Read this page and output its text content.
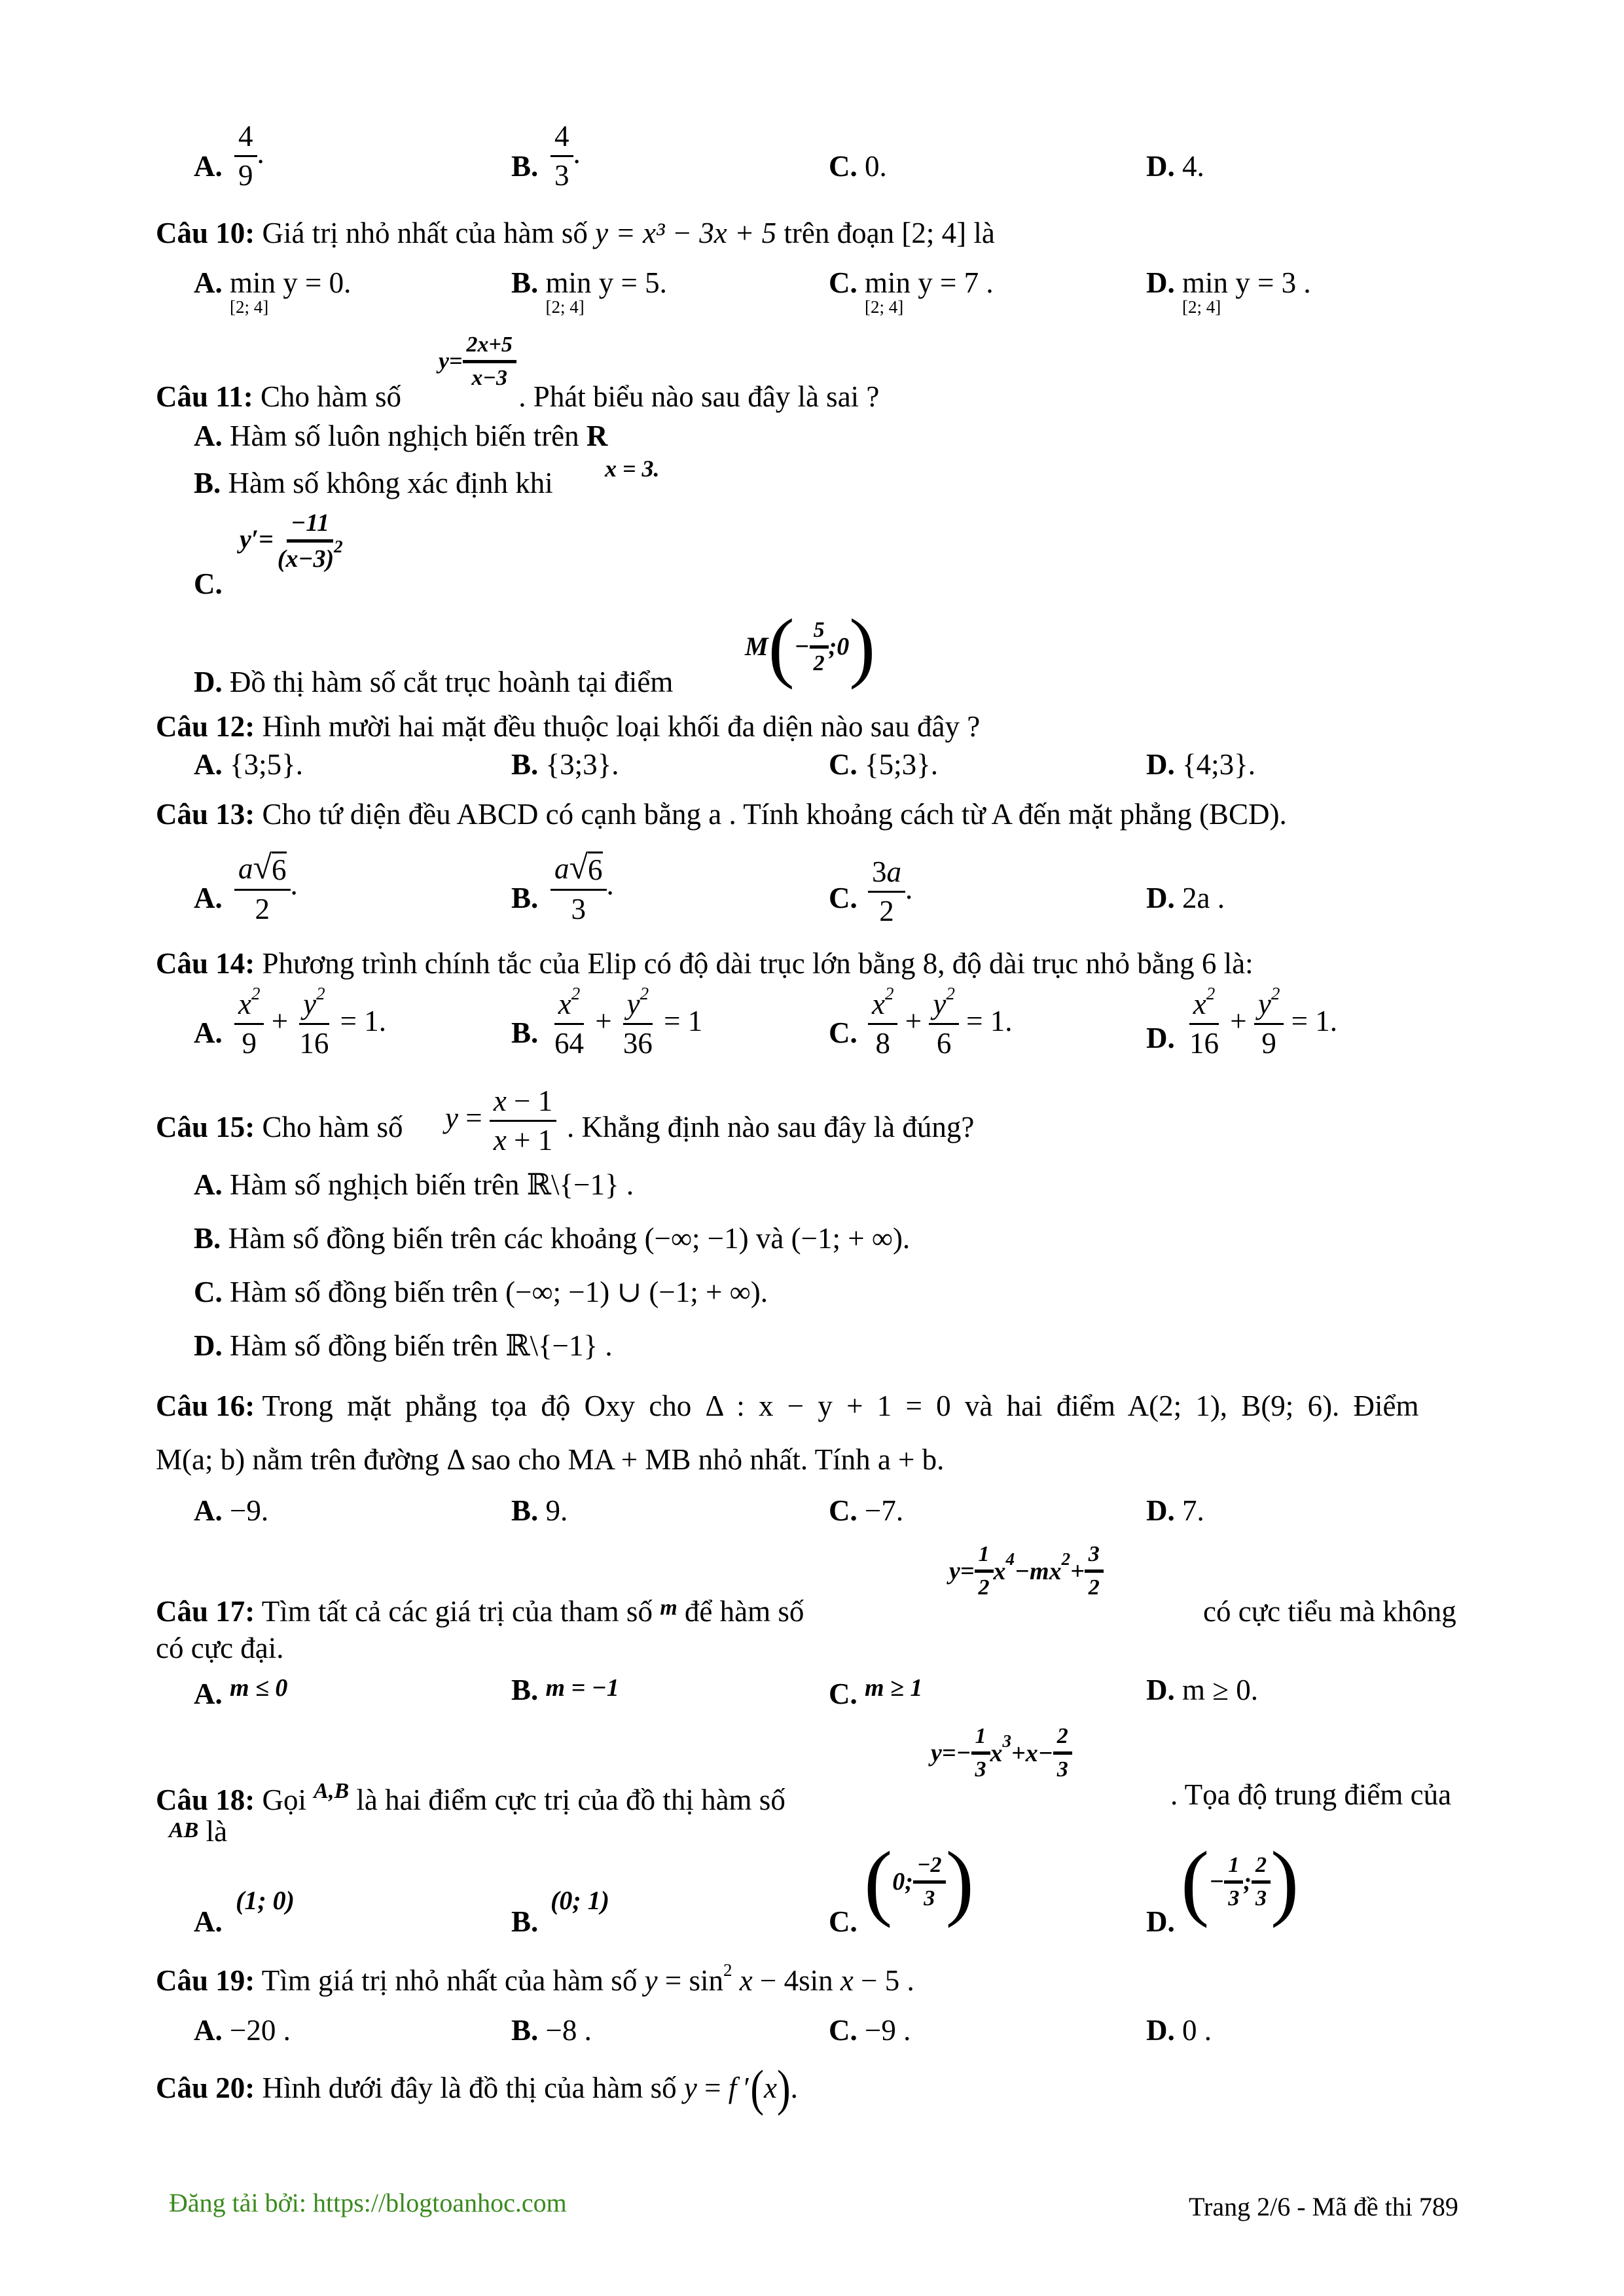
A. $\frac{4}{9}$ .	B. $\frac{4}{3}$ .	C. 0.	D. 4.
Câu 10: Giá trị nhỏ nhất của hàm số y = x³ − 3x + 5 trên đoạn [2; 4] là
A. min y = 0.
[2; 4]
B. min y = 5.
[2; 4]
C. min y = 7 .
[2; 4]
D. min y = 3 .
[2; 4]
$y= \frac{2x+5}{x-3}$
Câu 11: Cho hàm số	. Phát biểu nào sau đây là sai ?
A. Hàm số luôn nghịch biến trên R
B. Hàm số không xác định khi x = 3.
C.
$y'= \frac{-11}{(x-3)^2}$
D. Đồ thị hàm số cắt trục hoành tại điểm
$M(- \frac{5}{2}$ ;0)
Câu 12: Hình mười hai mặt đều thuộc loại khối đa diện nào sau đây ?
A. {3;5}.	B. {3;3}.	C. {5;3}.	D. {4;3}.
Câu 13: Cho tứ diện đều ABCD có cạnh bằng a . Tính khoảng cách từ A đến mặt phẳng (BCD).
A. $\frac{a √ 6}{2}$ .	B. $\frac{a √ 6}{3}$ .	C. $\frac{3a}{2}$ .	D. 2a .
Câu 14: Phương trình chính tắc của Elip có độ dài trục lớn bằng 8, độ dài trục nhỏ bằng 6 là:
A. $\frac{x^2}{9} + \frac{y^2}{16} = 1$.	B. $\frac{x^2}{64} + \frac{y^2}{36} = 1$	C. $\frac{x^2}{8} + \frac{y^2}{6} = 1$.
D. $\frac{x^2}{16} + \frac{y^2}{9} = 1$.
Câu 15: Cho hàm số $y = \frac{x - 1}{x + 1}$ . Khẳng định nào sau đây là đúng?
A. Hàm số nghịch biến trên ℝ\{−1} .
B. Hàm số đồng biến trên các khoảng (−∞; −1) và (−1; + ∞).
C. Hàm số đồng biến trên (−∞; −1) ∪ (−1; + ∞).
D. Hàm số đồng biến trên ℝ\{−1} .
Câu 16: Trong mặt phẳng tọa độ Oxy cho Δ : x − y + 1 = 0 và hai điểm A(2; 1), B(9; 6). Điểm
M(a; b) nằm trên đường Δ sao cho MA + MB nhỏ nhất. Tính a + b.
A. −9.	B. 9.	C. −7.	D. 7.
$y= \frac{1}{2} x^4-mx^2+ \frac{3}{2}$
Câu 17: Tìm tất cả các giá trị của tham số $^m$ để hàm số	có cực tiểu mà không
có cực đại.
A. $^{m \le 0}$	B. m = −1	C. $^{m \ge 1}$	D. m ≥ 0.
$y=- \frac{1}{3} x^3+x- \frac{2}{3}$
Câu 18: Gọi $^{A,B}$ là hai điểm cực trị của đồ thị hàm số	. Tọa độ trung điểm của
AB là
A.
(1; 0)
B.
(0; 1)
C. (0; $\frac{-2}{3}$ )	D. (− $\frac{1}{3}$ ; $\frac{2}{3}$ )
Câu 19: Tìm giá trị nhỏ nhất của hàm số $y = \sin^2 x - 4\sin$ x − 5 .
A. −20 .	B. −8 .	C. −9 .	D. 0 .
Câu 20: Hình dưới đây là đồ thị của hàm số y = f ′(x).
Đăng tải bởi: https://blogtoanhoc.com	Trang 2/6 - Mã đề thi 789
